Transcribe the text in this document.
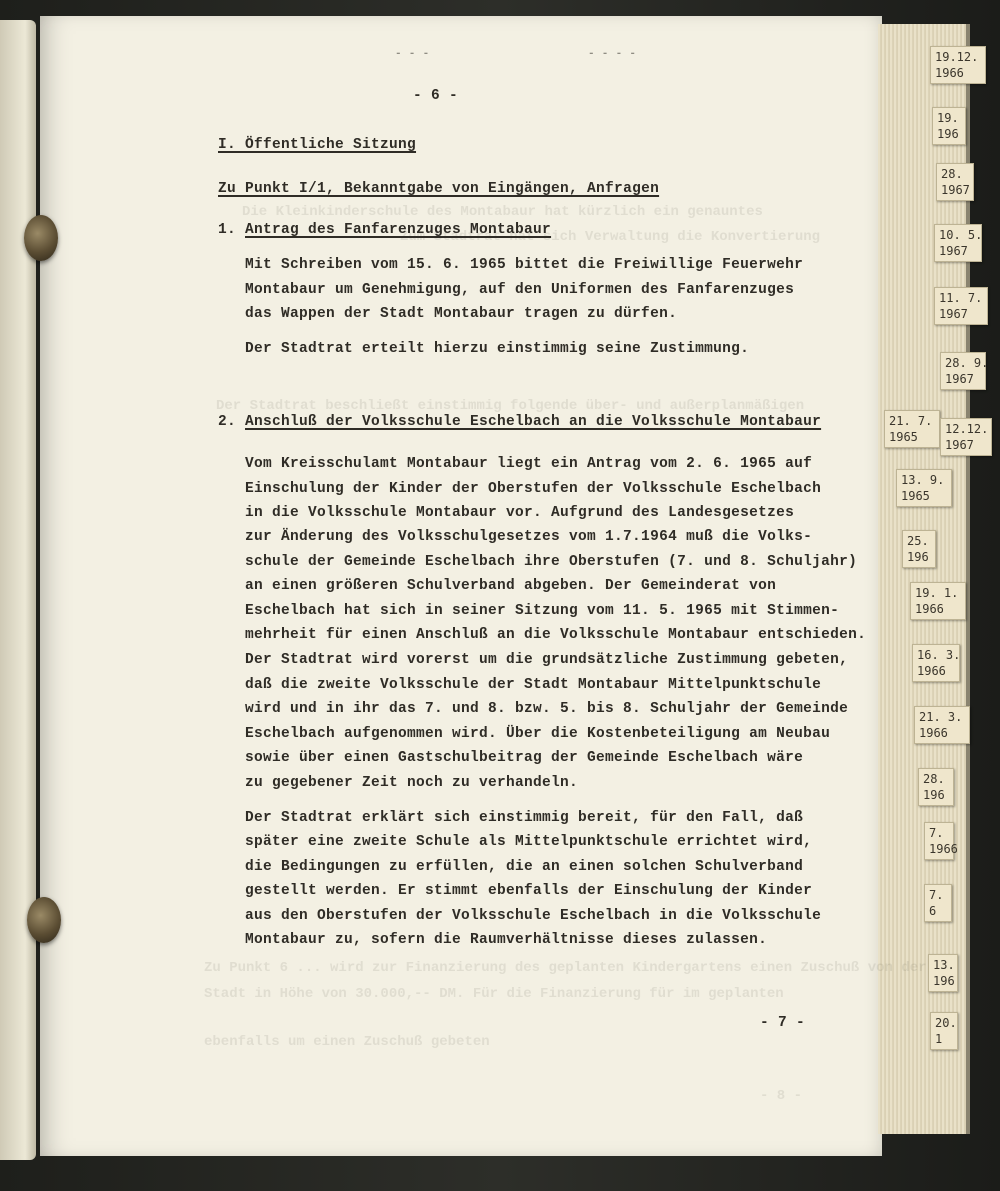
- - -	- - - -
- 6 -
I. Öffentliche Sitzung
Zu Punkt I/1, Bekanntgabe von Eingängen, Anfragen
1. Antrag des Fanfarenzuges Montabaur
Mit Schreiben vom 15. 6. 1965 bittet die Freiwillige Feuerwehr
Montabaur um Genehmigung, auf den Uniformen des Fanfarenzuges
das Wappen der Stadt Montabaur tragen zu dürfen.
Der Stadtrat erteilt hierzu einstimmig seine Zustimmung.
2. Anschluß der Volksschule Eschelbach an die Volksschule Montabaur
Vom Kreisschulamt Montabaur liegt ein Antrag vom 2. 6. 1965 auf
Einschulung der Kinder der Oberstufen der Volksschule Eschelbach
in die Volksschule Montabaur vor. Aufgrund des Landesgesetzes
zur Änderung des Volksschulgesetzes vom 1.7.1964 muß die Volks-
schule der Gemeinde Eschelbach ihre Oberstufen (7. und 8. Schuljahr)
an einen größeren Schulverband abgeben. Der Gemeinderat von
Eschelbach hat sich in seiner Sitzung vom 11. 5. 1965 mit Stimmen-
mehrheit für einen Anschluß an die Volksschule Montabaur entschieden.
Der Stadtrat wird vorerst um die grundsätzliche Zustimmung gebeten,
daß die zweite Volksschule der Stadt Montabaur Mittelpunktschule
wird und in ihr das 7. und 8. bzw. 5. bis 8. Schuljahr der Gemeinde
Eschelbach aufgenommen wird. Über die Kostenbeteiligung am Neubau
sowie über einen Gastschulbeitrag der Gemeinde Eschelbach wäre
zu gegebener Zeit noch zu verhandeln.
Der Stadtrat erklärt sich einstimmig bereit, für den Fall, daß
später eine zweite Schule als Mittelpunktschule errichtet wird,
die Bedingungen zu erfüllen, die an einen solchen Schulverband
gestellt werden. Er stimmt ebenfalls der Einschulung der Kinder
aus den Oberstufen der Volksschule Eschelbach in die Volksschule
Montabaur zu, sofern die Raumverhältnisse dieses zulassen.
- 7 -
19.12.
1966
19.
196
28.
1967
10. 5.
1967
11. 7.
1967
28. 9.
1967
21. 7.
1965
12.12.
1967
13. 9.
1965
25.
196
19. 1.
1966
16. 3.
1966
21. 3.
1966
28.
196
7.
1966
7.
6
13.
196
20.
1
